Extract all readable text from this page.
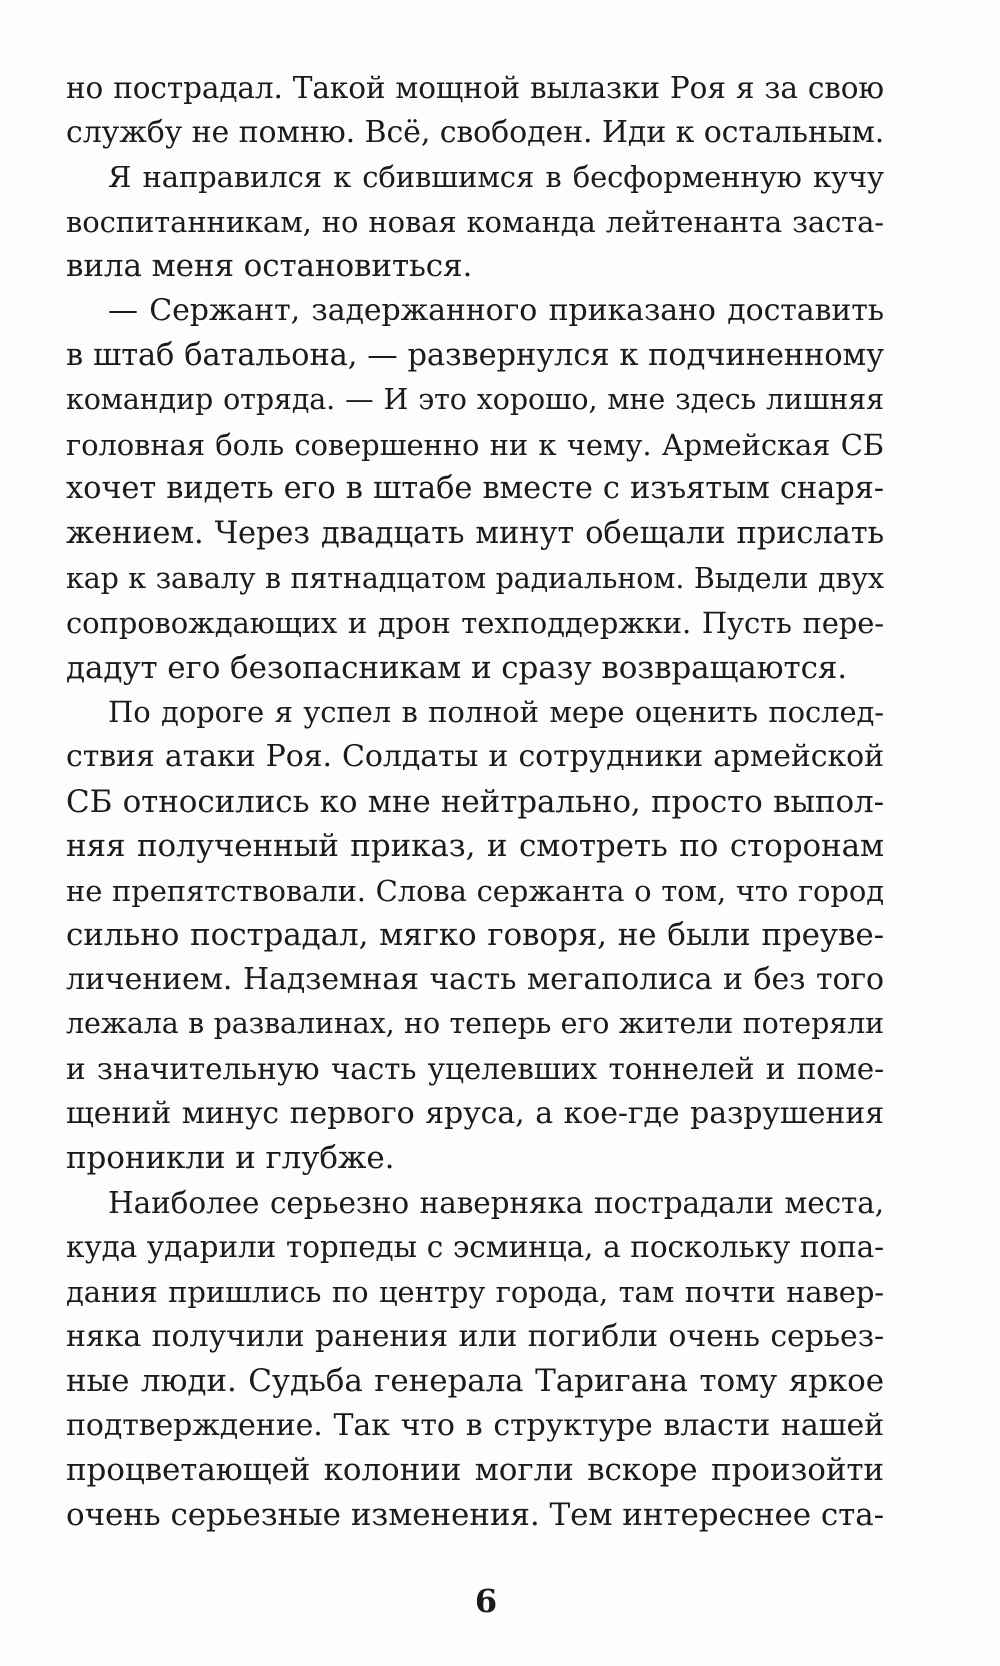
но пострадал. Такой мощной вылазки Роя я за свою
службу не помню. Всё, свободен. Иди к остальным.
Я направился к сбившимся в бесформенную кучу
воспитанникам, но новая команда лейтенанта заста-
вила меня остановиться.
— Сержант, задержанного приказано доставить
в штаб батальона, — развернулся к подчиненному
командир отряда. — И это хорошо, мне здесь лишняя
головная боль совершенно ни к чему. Армейская СБ
хочет видеть его в штабе вместе с изъятым снаря-
жением. Через двадцать минут обещали прислать
кар к завалу в пятнадцатом радиальном. Выдели двух
сопровождающих и дрон техподдержки. Пусть пере-
дадут его безопасникам и сразу возвращаются.
По дороге я успел в полной мере оценить послед-
ствия атаки Роя. Солдаты и сотрудники армейской
СБ относились ко мне нейтрально, просто выпол-
няя полученный приказ, и смотреть по сторонам
не препятствовали. Слова сержанта о том, что город
сильно пострадал, мягко говоря, не были преуве-
личением. Надземная часть мегаполиса и без того
лежала в развалинах, но теперь его жители потеряли
и значительную часть уцелевших тоннелей и поме-
щений минус первого яруса, а кое-где разрушения
проникли и глубже.
Наиболее серьезно наверняка пострадали места,
куда ударили торпеды с эсминца, а поскольку попа-
дания пришлись по центру города, там почти навер-
няка получили ранения или погибли очень серьез-
ные люди. Судьба генерала Таригана тому яркое
подтверждение. Так что в структуре власти нашей
процветающей колонии могли вскоре произойти
очень серьезные изменения. Тем интереснее ста-
6
